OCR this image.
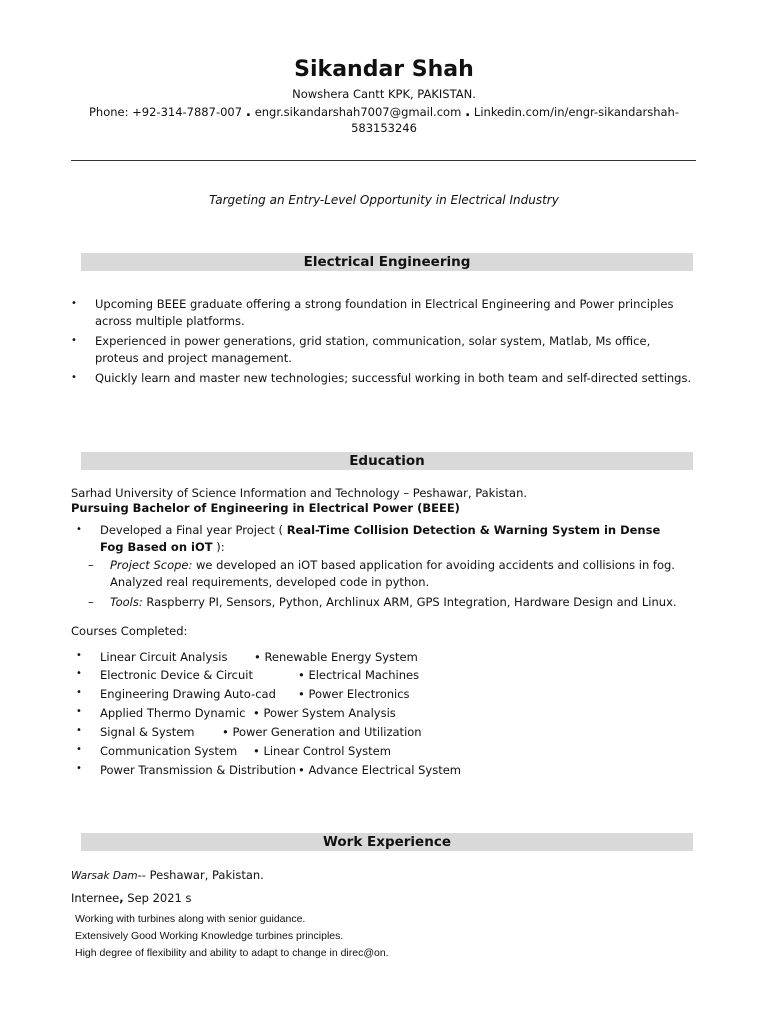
Sikandar Shah
Nowshera Cantt KPK, PAKISTAN.
Phone: +92-314-7887-007 . engr.sikandarshah7007@gmail.com . Linkedin.com/in/engr-sikandarshah-
583153246
Targeting an Entry-Level Opportunity in Electrical Industry
Electrical Engineering
• Upcoming BEEE graduate offering a strong foundation in Electrical Engineering and Power principles across multiple platforms.
• Experienced in power generations, grid station, communication, solar system, Matlab, Ms office, proteus and project management.
• Quickly learn and master new technologies; successful working in both team and self-directed settings.
Education
Sarhad University of Science Information and Technology – Peshawar, Pakistan.
Pursuing Bachelor of Engineering in Electrical Power (BEEE)
• Developed a Final year Project ( Real-Time Collision Detection & Warning System in Dense Fog Based on iOT ):
– Project Scope: we developed an iOT based application for avoiding accidents and collisions in fog. Analyzed real requirements, developed code in python.
– Tools: Raspberry PI, Sensors, Python, Archlinux ARM, GPS Integration, Hardware Design and Linux.
Courses Completed:
• Linear Circuit Analysis • Renewable Energy System
• Electronic Device & Circuit	• Electrical Machines
• Engineering Drawing Auto-cad • Power Electronics
• Applied Thermo Dynamic • Power System Analysis
• Signal & System • Power Generation and Utilization
• Communication System • Linear Control System
• Power Transmission & Distribution • Advance Electrical System
Work Experience
Warsak Dam-- Peshawar, Pakistan.
Internee, Sep 2021 s
Working with turbines along with senior guidance.
Extensively Good Working Knowledge turbines principles.
High degree of flexibility and ability to adapt to change in direc@on.
